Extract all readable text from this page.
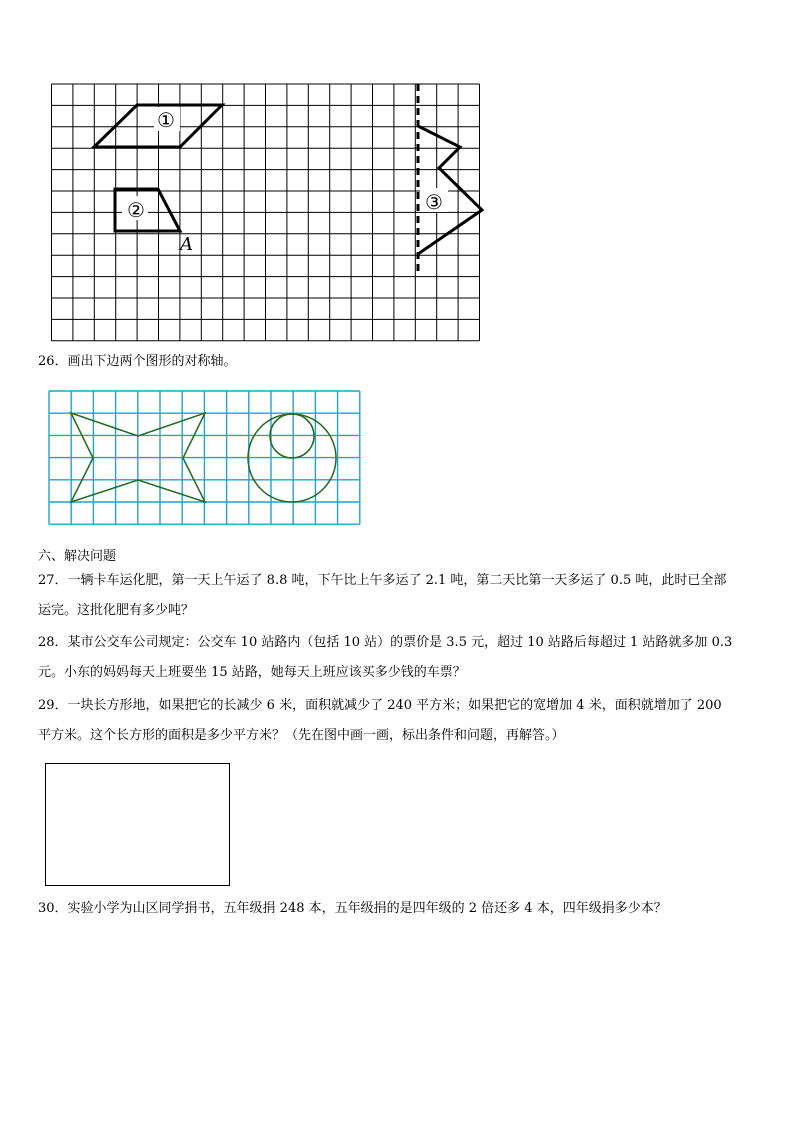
①
②	③
A
26．画出下边两个图形的对称轴。
六、解决问题
27．一辆卡车运化肥，第一天上午运了 8.8 吨，下午比上午多运了 2.1 吨，第二天比第一天多运了 0.5 吨，此时已全部
运完。这批化肥有多少吨？
28．某市公交车公司规定：公交车 10 站路内（包括 10 站）的票价是 3.5 元，超过 10 站路后每超过 1 站路就多加 0.3
元。小东的妈妈每天上班要坐 15 站路，她每天上班应该买多少钱的车票？
29．一块长方形地，如果把它的长减少 6 米，面积就减少了 240 平方米；如果把它的宽增加 4 米，面积就增加了 200
平方米。这个长方形的面积是多少平方米？（先在图中画一画，标出条件和问题，再解答。）
30．实验小学为山区同学捐书，五年级捐 248 本，五年级捐的是四年级的 2 倍还多 4 本，四年级捐多少本？
